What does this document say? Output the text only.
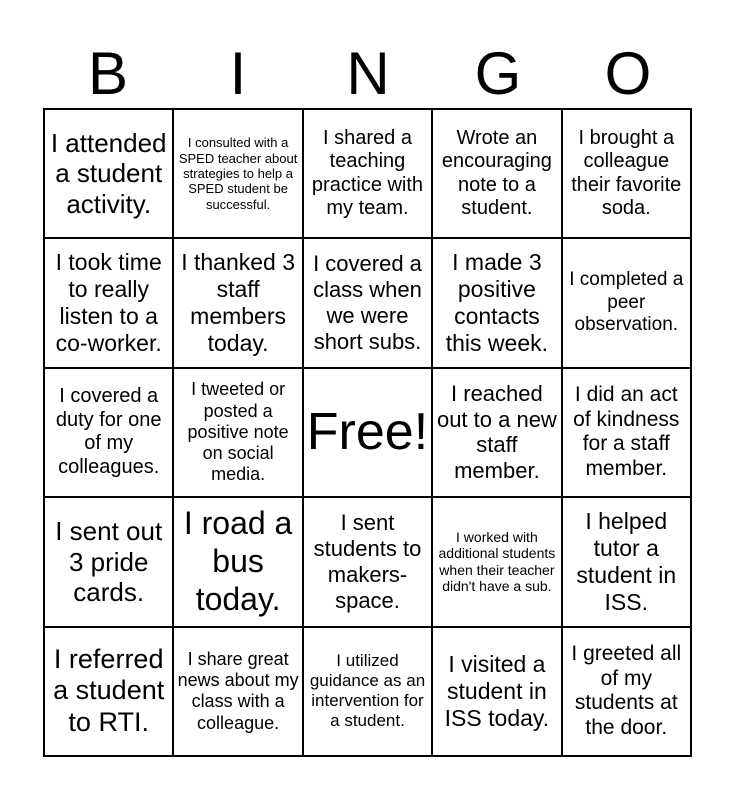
B	I	N	G	O
I attended a student activity.
I consulted with a SPED teacher about strategies to help a SPED student be successful.
I shared a teaching practice with my team.
Wrote an encouraging note to a student.
I brought a colleague their favorite soda.
I took time to really listen to a co-worker.
I thanked 3 staff members today.
I covered a class when we were short subs.
I made 3 positive contacts this week.
I completed a peer observation.
I covered a duty for one of my colleagues.
I tweeted or posted a positive note on social media.
Free!
I reached out to a new staff member.
I did an act of kindness for a staff member.
I sent out 3 pride cards.
I road a bus today.
I sent students to makers-space.
I worked with additional students when their teacher didn't have a sub.
I helped tutor a student in ISS.
I referred a student to RTI.
I share great news about my class with a colleague.
I utilized guidance as an intervention for a student.
I visited a student in ISS today.
I greeted all of my students at the door.
